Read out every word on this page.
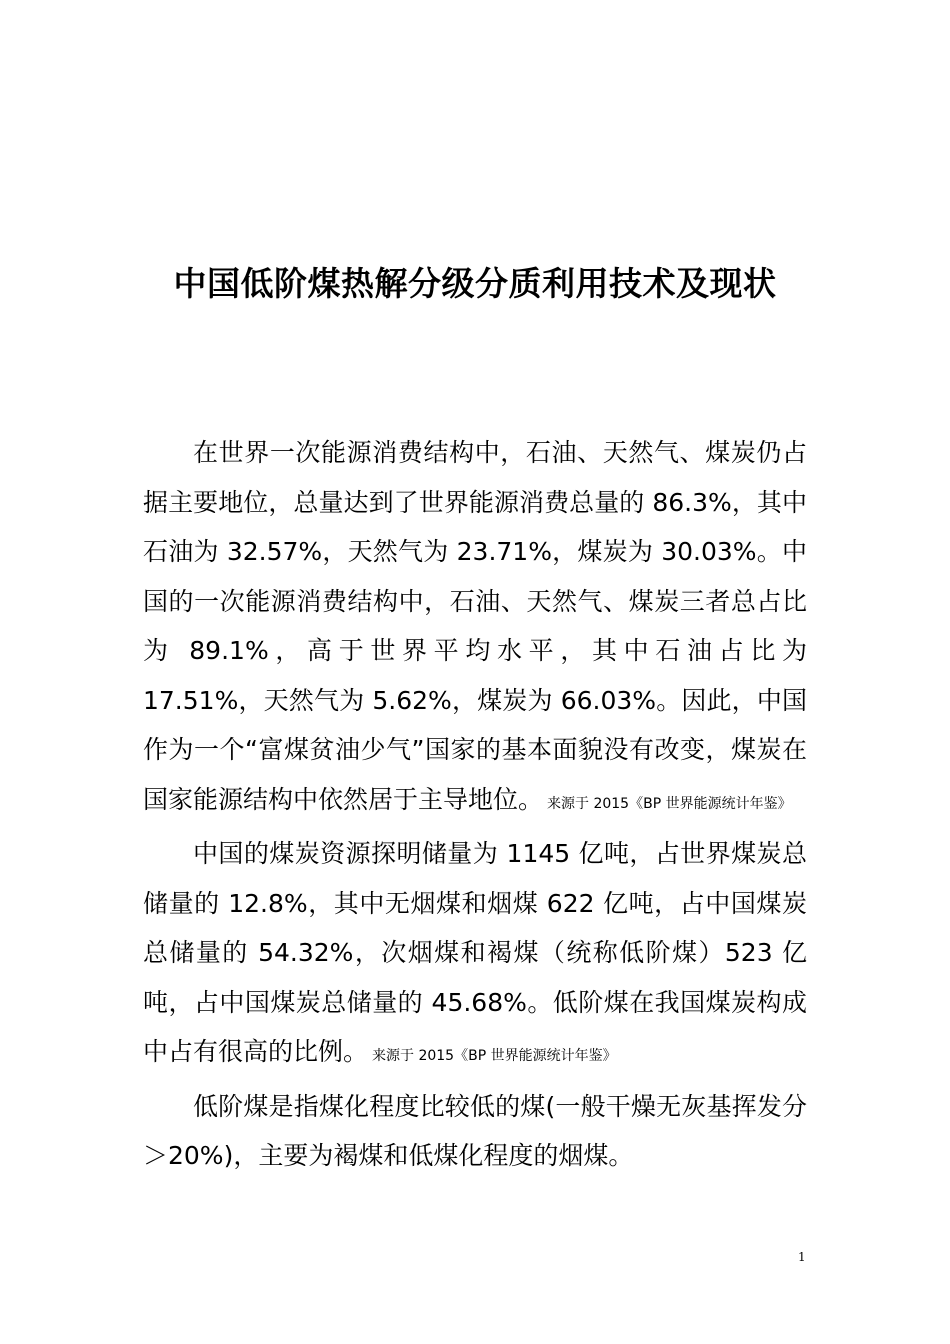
中国低阶煤热解分级分质利用技术及现状

在世界一次能源消费结构中，石油、天然气、煤炭仍占据主要地位，总量达到了世界能源消费总量的 86.3%，其中石油为 32.57%，天然气为 23.71%，煤炭为 30.03%。中国的一次能源消费结构中，石油、天然气、煤炭三者总占比为 89.1%，高于世界平均水平，其中石油占比为 17.51%，天然气为 5.62%，煤炭为 66.03%。因此，中国作为一个“富煤贫油少气”国家的基本面貌没有改变，煤炭在国家能源结构中依然居于主导地位。 来源于 2015《BP 世界能源统计年鉴》

中国的煤炭资源探明储量为 1145 亿吨，占世界煤炭总储量的 12.8%，其中无烟煤和烟煤 622 亿吨，占中国煤炭总储量的 54.32%，次烟煤和褐煤（统称低阶煤）523 亿吨，占中国煤炭总储量的 45.68%。低阶煤在我国煤炭构成中占有很高的比例。 来源于 2015《BP 世界能源统计年鉴》

低阶煤是指煤化程度比较低的煤(一般干燥无灰基挥发分＞20%)，主要为褐煤和低煤化程度的烟煤。

1
